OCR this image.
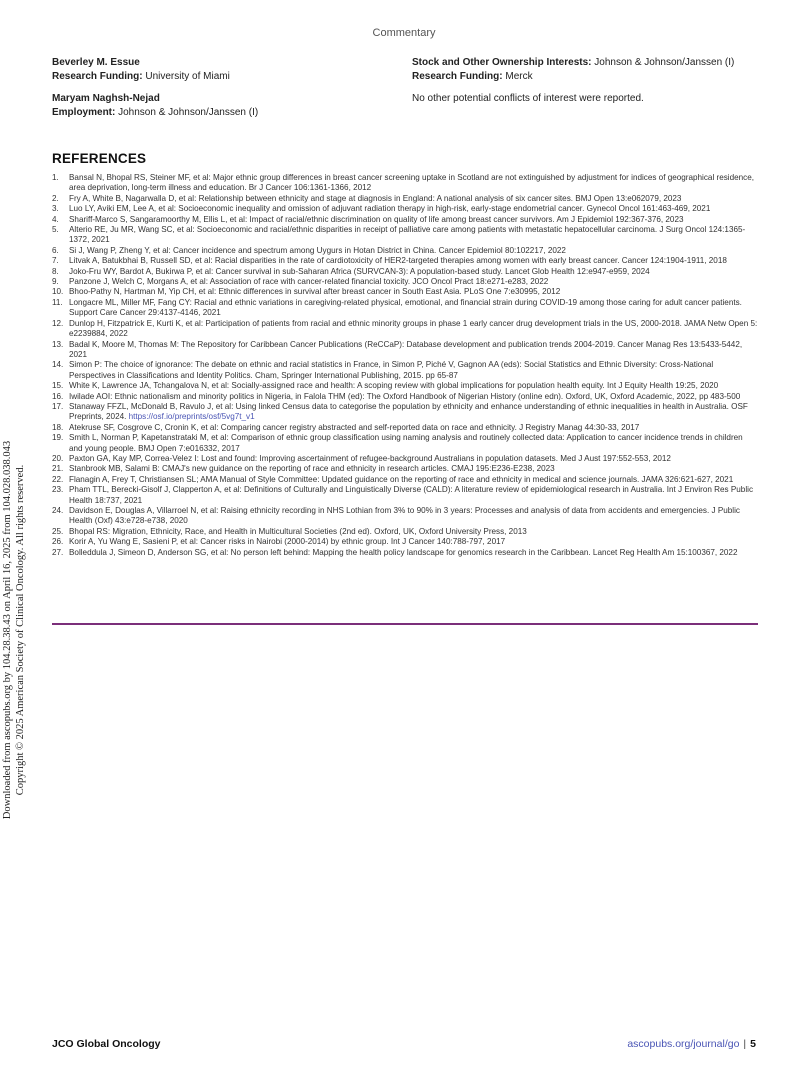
Commentary
Beverley M. Essue
Research Funding: University of Miami
Maryam Naghsh-Nejad
Employment: Johnson & Johnson/Janssen (I)
Stock and Other Ownership Interests: Johnson & Johnson/Janssen (I)
Research Funding: Merck
No other potential conflicts of interest were reported.
REFERENCES
1.	Bansal N, Bhopal RS, Steiner MF, et al: Major ethnic group differences in breast cancer screening uptake in Scotland are not extinguished by adjustment for indices of geographical residence, area deprivation, long-term illness and education. Br J Cancer 106:1361-1366, 2012
2.	Fry A, White B, Nagarwalla D, et al: Relationship between ethnicity and stage at diagnosis in England: A national analysis of six cancer sites. BMJ Open 13:e062079, 2023
3.	Luo LY, Aviki EM, Lee A, et al: Socioeconomic inequality and omission of adjuvant radiation therapy in high-risk, early-stage endometrial cancer. Gynecol Oncol 161:463-469, 2021
4.	Shariff-Marco S, Sangaramoorthy M, Ellis L, et al: Impact of racial/ethnic discrimination on quality of life among breast cancer survivors. Am J Epidemiol 192:367-376, 2023
5.	Alterio RE, Ju MR, Wang SC, et al: Socioeconomic and racial/ethnic disparities in receipt of palliative care among patients with metastatic hepatocellular carcinoma. J Surg Oncol 124:1365-1372, 2021
6.	Si J, Wang P, Zheng Y, et al: Cancer incidence and spectrum among Uygurs in Hotan District in China. Cancer Epidemiol 80:102217, 2022
7.	Litvak A, Batukbhai B, Russell SD, et al: Racial disparities in the rate of cardiotoxicity of HER2-targeted therapies among women with early breast cancer. Cancer 124:1904-1911, 2018
8.	Joko-Fru WY, Bardot A, Bukirwa P, et al: Cancer survival in sub-Saharan Africa (SURVCAN-3): A population-based study. Lancet Glob Health 12:e947-e959, 2024
9.	Panzone J, Welch C, Morgans A, et al: Association of race with cancer-related financial toxicity. JCO Oncol Pract 18:e271-e283, 2022
10. Bhoo-Pathy N, Hartman M, Yip CH, et al: Ethnic differences in survival after breast cancer in South East Asia. PLoS One 7:e30995, 2012
11. Longacre ML, Miller MF, Fang CY: Racial and ethnic variations in caregiving-related physical, emotional, and financial strain during COVID-19 among those caring for adult cancer patients. Support Care Cancer 29:4137-4146, 2021
12. Dunlop H, Fitzpatrick E, Kurti K, et al: Participation of patients from racial and ethnic minority groups in phase 1 early cancer drug development trials in the US, 2000-2018. JAMA Netw Open 5: e2239884, 2022
13. Badal K, Moore M, Thomas M: The Repository for Caribbean Cancer Publications (ReCCaP): Database development and publication trends 2004-2019. Cancer Manag Res 13:5433-5442, 2021
14. Simon P: The choice of ignorance: The debate on ethnic and racial statistics in France, in Simon P, Piché V, Gagnon AA (eds): Social Statistics and Ethnic Diversity: Cross-National Perspectives in Classifications and Identity Politics. Cham, Springer International Publishing, 2015. pp 65-87
15. White K, Lawrence JA, Tchangalova N, et al: Socially-assigned race and health: A scoping review with global implications for population health equity. Int J Equity Health 19:25, 2020
16. Iwilade AOI: Ethnic nationalism and minority politics in Nigeria, in Falola THM (ed): The Oxford Handbook of Nigerian History (online edn). Oxford, UK, Oxford Academic, 2022, pp 483-500
17. Stanaway FFZL, McDonald B, Ravulo J, et al: Using linked Census data to categorise the population by ethnicity and enhance understanding of ethnic inequalities in health in Australia. OSF Preprints, 2024. https://osf.io/preprints/osf/5vg7t_v1
18. Atekruse SF, Cosgrove C, Cronin K, et al: Comparing cancer registry abstracted and self-reported data on race and ethnicity. J Registry Manag 44:30-33, 2017
19. Smith L, Norman P, Kapetanstrataki M, et al: Comparison of ethnic group classification using naming analysis and routinely collected data: Application to cancer incidence trends in children and young people. BMJ Open 7:e016332, 2017
20. Paxton GA, Kay MP, Correa-Velez I: Lost and found: Improving ascertainment of refugee-background Australians in population datasets. Med J Aust 197:552-553, 2012
21. Stanbrook MB, Salami B: CMAJ's new guidance on the reporting of race and ethnicity in research articles. CMAJ 195:E236-E238, 2023
22. Flanagin A, Frey T, Christiansen SL; AMA Manual of Style Committee: Updated guidance on the reporting of race and ethnicity in medical and science journals. JAMA 326:621-627, 2021
23. Pham TTL, Berecki-Gisolf J, Clapperton A, et al: Definitions of Culturally and Linguistically Diverse (CALD): A literature review of epidemiological research in Australia. Int J Environ Res Public Health 18:737, 2021
24. Davidson E, Douglas A, Villarroel N, et al: Raising ethnicity recording in NHS Lothian from 3% to 90% in 3 years: Processes and analysis of data from accidents and emergencies. J Public Health (Oxf) 43:e728-e738, 2020
25. Bhopal RS: Migration, Ethnicity, Race, and Health in Multicultural Societies (2nd ed). Oxford, UK, Oxford University Press, 2013
26. Korir A, Yu Wang E, Sasieni P, et al: Cancer risks in Nairobi (2000-2014) by ethnic group. Int J Cancer 140:788-797, 2017
27. Bolleddula J, Simeon D, Anderson SG, et al: No person left behind: Mapping the health policy landscape for genomics research in the Caribbean. Lancet Reg Health Am 15:100367, 2022
Downloaded from ascopubs.org by 104.28.38.43 on April 16, 2025 from 104.028.038.043 Copyright © 2025 American Society of Clinical Oncology. All rights reserved.
JCO Global Oncology	ascopubs.org/journal/go | 5
